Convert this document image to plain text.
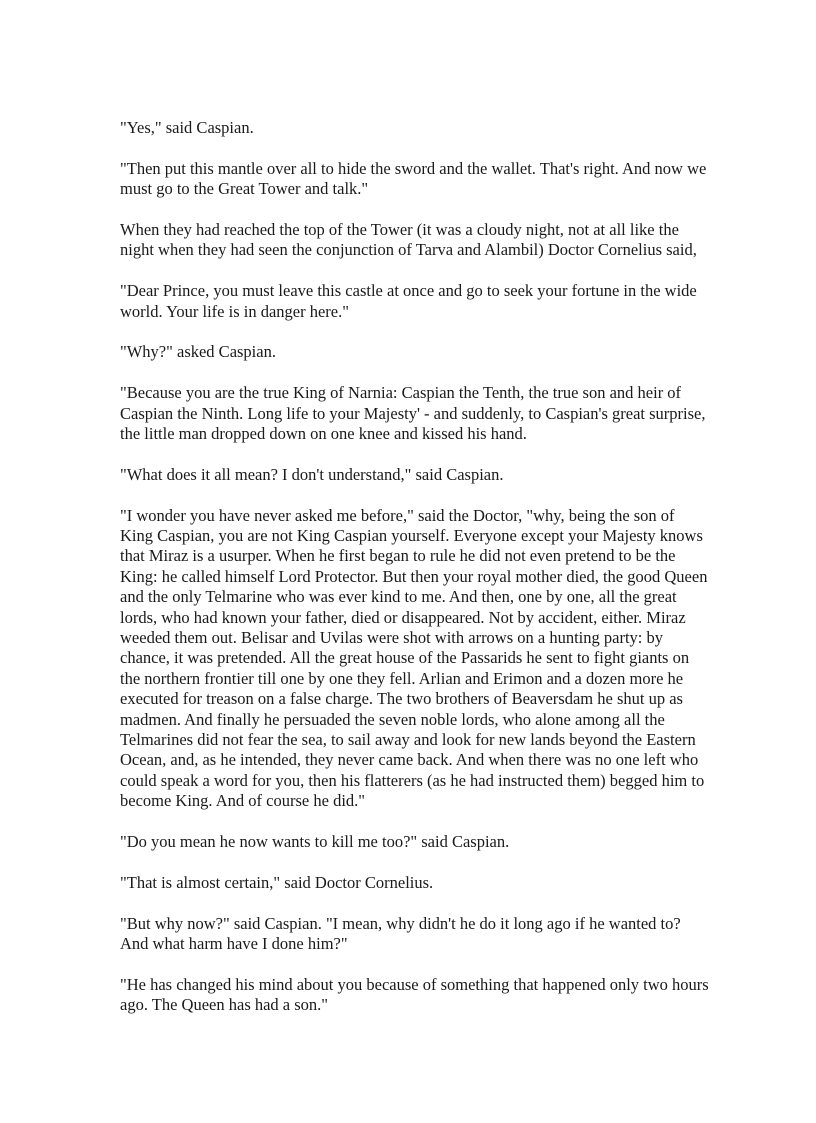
"Yes," said Caspian.

"Then put this mantle over all to hide the sword and the wallet. That's right. And now we must go to the Great Tower and talk."

When they had reached the top of the Tower (it was a cloudy night, not at all like the night when they had seen the conjunction of Tarva and Alambil) Doctor Cornelius said,

"Dear Prince, you must leave this castle at once and go to seek your fortune in the wide world. Your life is in danger here."

"Why?" asked Caspian.

"Because you are the true King of Narnia: Caspian the Tenth, the true son and heir of Caspian the Ninth. Long life to your Majesty' - and suddenly, to Caspian's great surprise, the little man dropped down on one knee and kissed his hand.

"What does it all mean? I don't understand," said Caspian.

"I wonder you have never asked me before," said the Doctor, "why, being the son of King Caspian, you are not King Caspian yourself. Everyone except your Majesty knows that Miraz is a usurper. When he first began to rule he did not even pretend to be the King: he called himself Lord Protector. But then your royal mother died, the good Queen and the only Telmarine who was ever kind to me. And then, one by one, all the great lords, who had known your father, died or disappeared. Not by accident, either. Miraz weeded them out. Belisar and Uvilas were shot with arrows on a hunting party: by chance, it was pretended. All the great house of the Passarids he sent to fight giants on the northern frontier till one by one they fell. Arlian and Erimon and a dozen more he executed for treason on a false charge. The two brothers of Beaversdam he shut up as madmen. And finally he persuaded the seven noble lords, who alone among all the Telmarines did not fear the sea, to sail away and look for new lands beyond the Eastern Ocean, and, as he intended, they never came back. And when there was no one left who could speak a word for you, then his flatterers (as he had instructed them) begged him to become King. And of course he did."

"Do you mean he now wants to kill me too?" said Caspian.

"That is almost certain," said Doctor Cornelius.

"But why now?" said Caspian. "I mean, why didn't he do it long ago if he wanted to? And what harm have I done him?"

"He has changed his mind about you because of something that happened only two hours ago. The Queen has had a son."
